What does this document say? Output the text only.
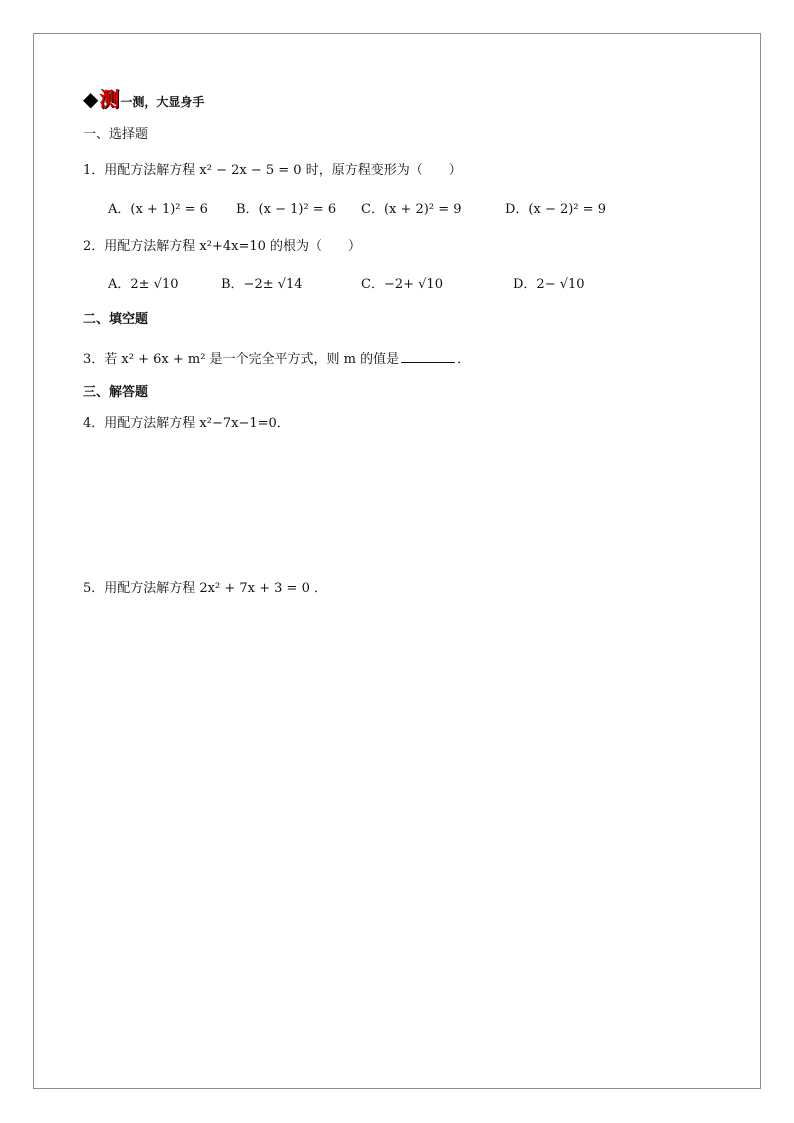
◆ 测 一测，大显身手
一、选择题
1．用配方法解方程 x² − 2x − 5 = 0 时，原方程变形为（　　）
A．(x + 1)² = 6 B．(x − 1)² = 6 C．(x + 2)² = 9	D．(x − 2)² = 9
2．用配方法解方程 x²+4x=10 的根为（　　）
A．2± √10	B．−2± √14	C．−2+ √10	D．2− √10
二、填空题
3．若 x² + 6x + m² 是一个完全平方式，则 m 的值是	．
三、解答题
4．用配方法解方程 x²−7x−1=0．
5．用配方法解方程 2x² + 7x + 3 = 0 ．
